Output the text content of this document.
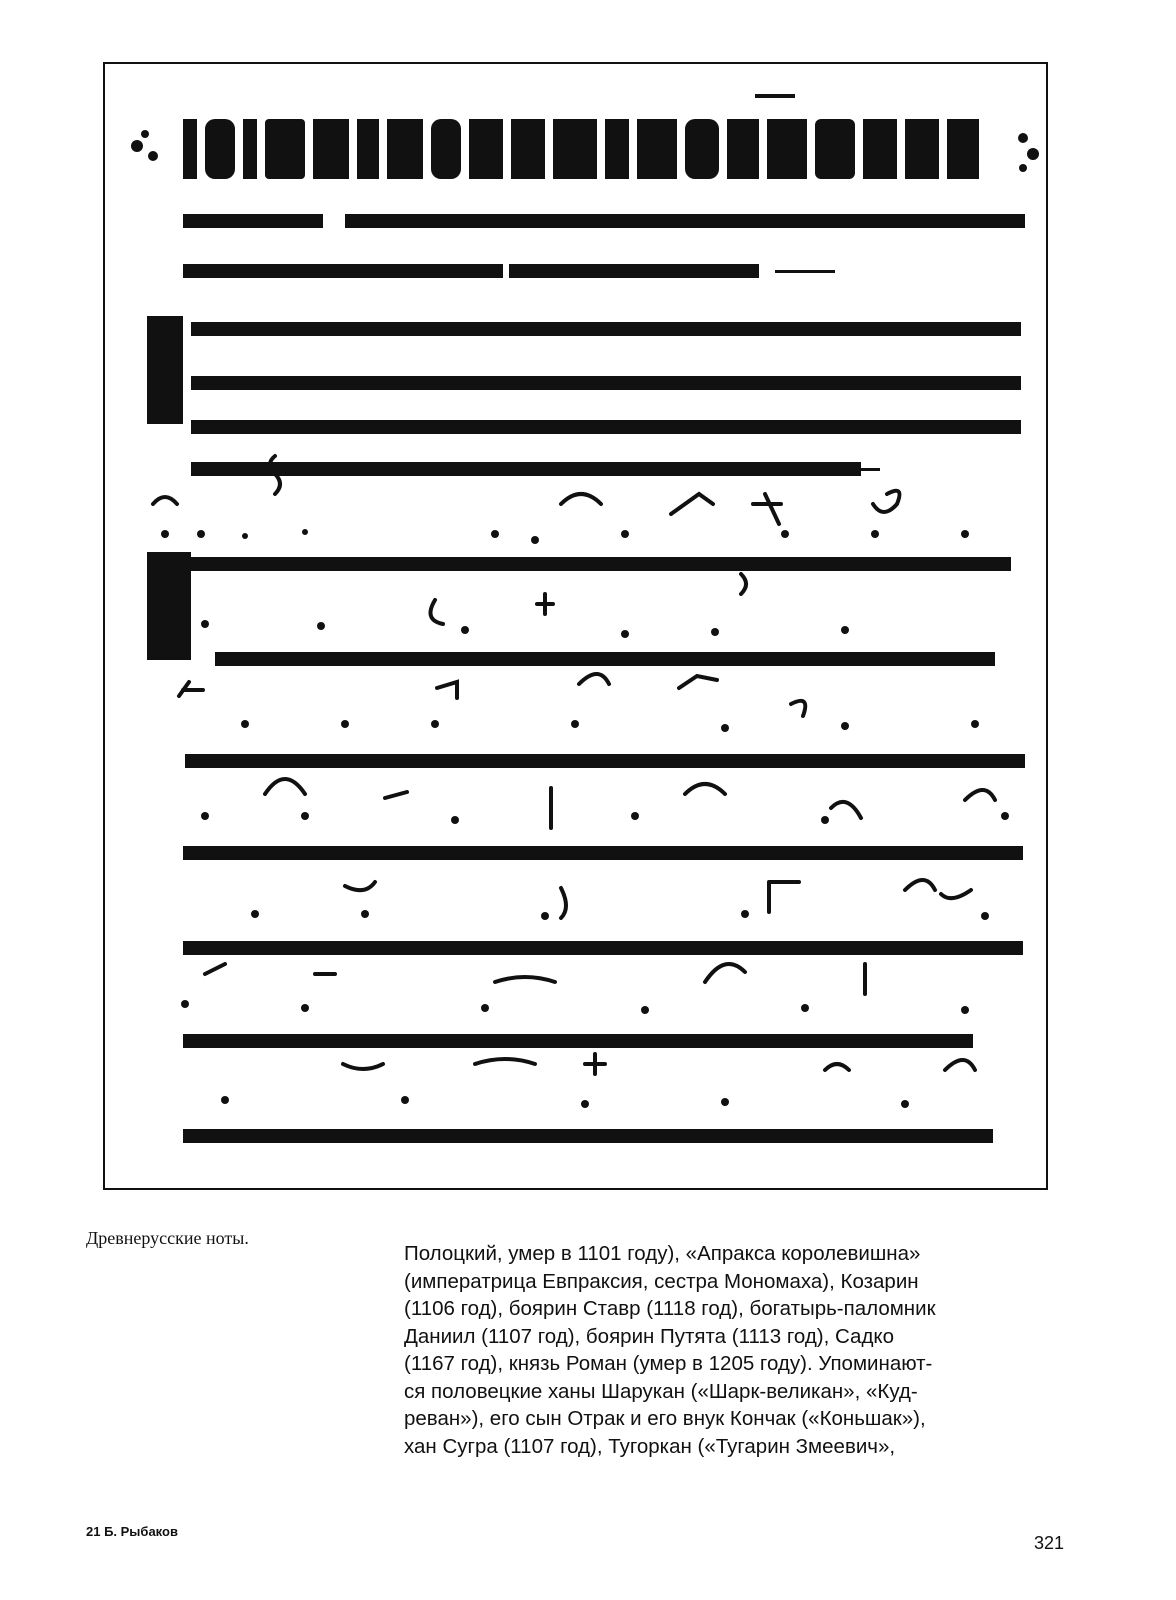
Древнерусские ноты.
Полоцкий, умер в 1101 году), «Апракса королевишна»
(императрица Евпраксия, сестра Мономаха), Козарин
(1106 год), боярин Ставр (1118 год), богатырь-паломник
Даниил (1107 год), боярин Путята (1113 год), Садко
(1167 год), князь Роман (умер в 1205 году). Упоминают-
ся половецкие ханы Шарукан («Шарк-великан», «Куд-
реван»), его сын Отрак и его внук Кончак («Коньшак»),
хан Сугра (1107 год), Тугоркан («Тугарин Змеевич»,
21 Б. Рыбаков
321
